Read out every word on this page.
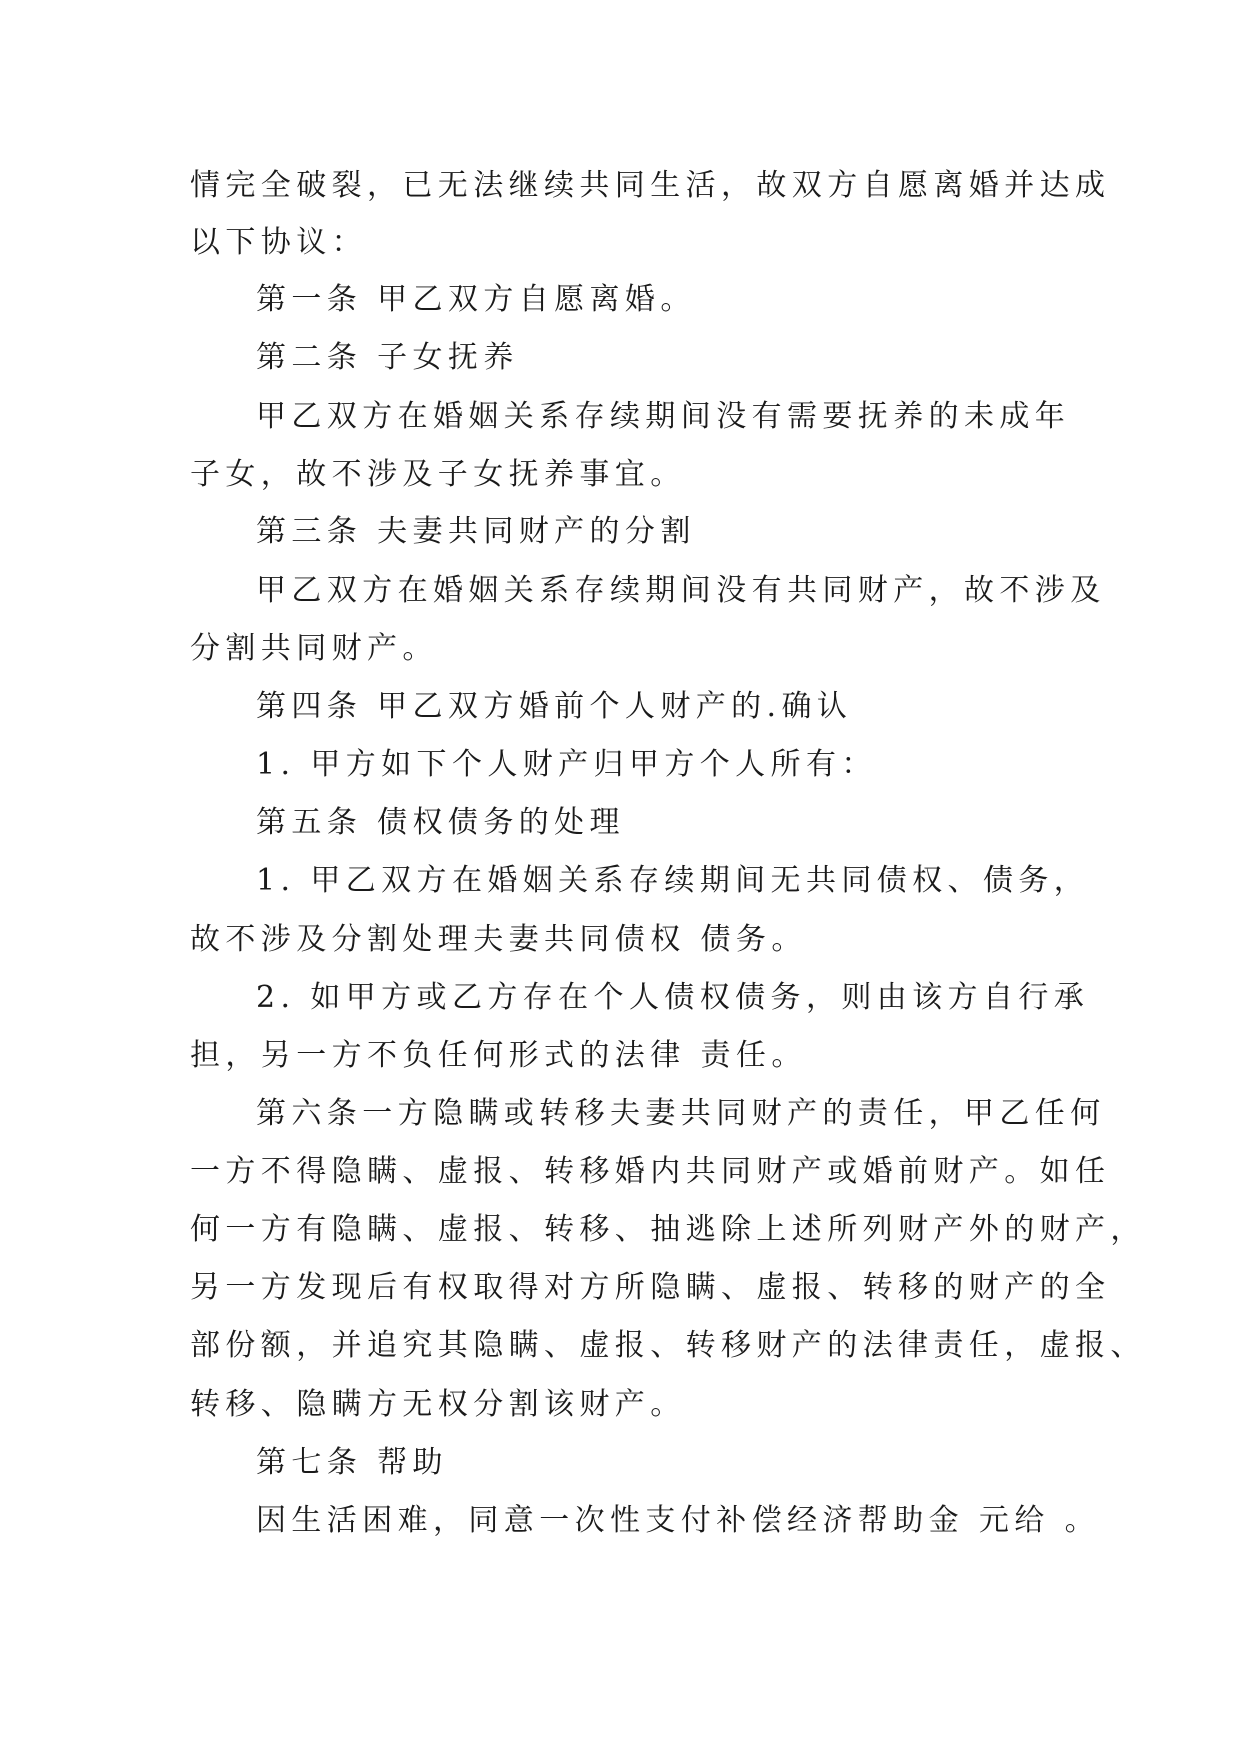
情完全破裂，已无法继续共同生活，故双方自愿离婚并达成
以下协议：
第一条 甲乙双方自愿离婚。
第二条 子女抚养
甲乙双方在婚姻关系存续期间没有需要抚养的未成年
子女，故不涉及子女抚养事宜。
第三条 夫妻共同财产的分割
甲乙双方在婚姻关系存续期间没有共同财产，故不涉及
分割共同财产。
第四条 甲乙双方婚前个人财产的.确认
1. 甲方如下个人财产归甲方个人所有：
第五条 债权债务的处理
1. 甲乙双方在婚姻关系存续期间无共同债权、债务，
故不涉及分割处理夫妻共同债权 债务。
2. 如甲方或乙方存在个人债权债务，则由该方自行承
担，另一方不负任何形式的法律 责任。
第六条一方隐瞒或转移夫妻共同财产的责任，甲乙任何
一方不得隐瞒、虚报、转移婚内共同财产或婚前财产。如任
何一方有隐瞒、虚报、转移、抽逃除上述所列财产外的财产，
另一方发现后有权取得对方所隐瞒、虚报、转移的财产的全
部份额，并追究其隐瞒、虚报、转移财产的法律责任，虚报、
转移、隐瞒方无权分割该财产。
第七条 帮助
因生活困难，同意一次性支付补偿经济帮助金 元给 。
